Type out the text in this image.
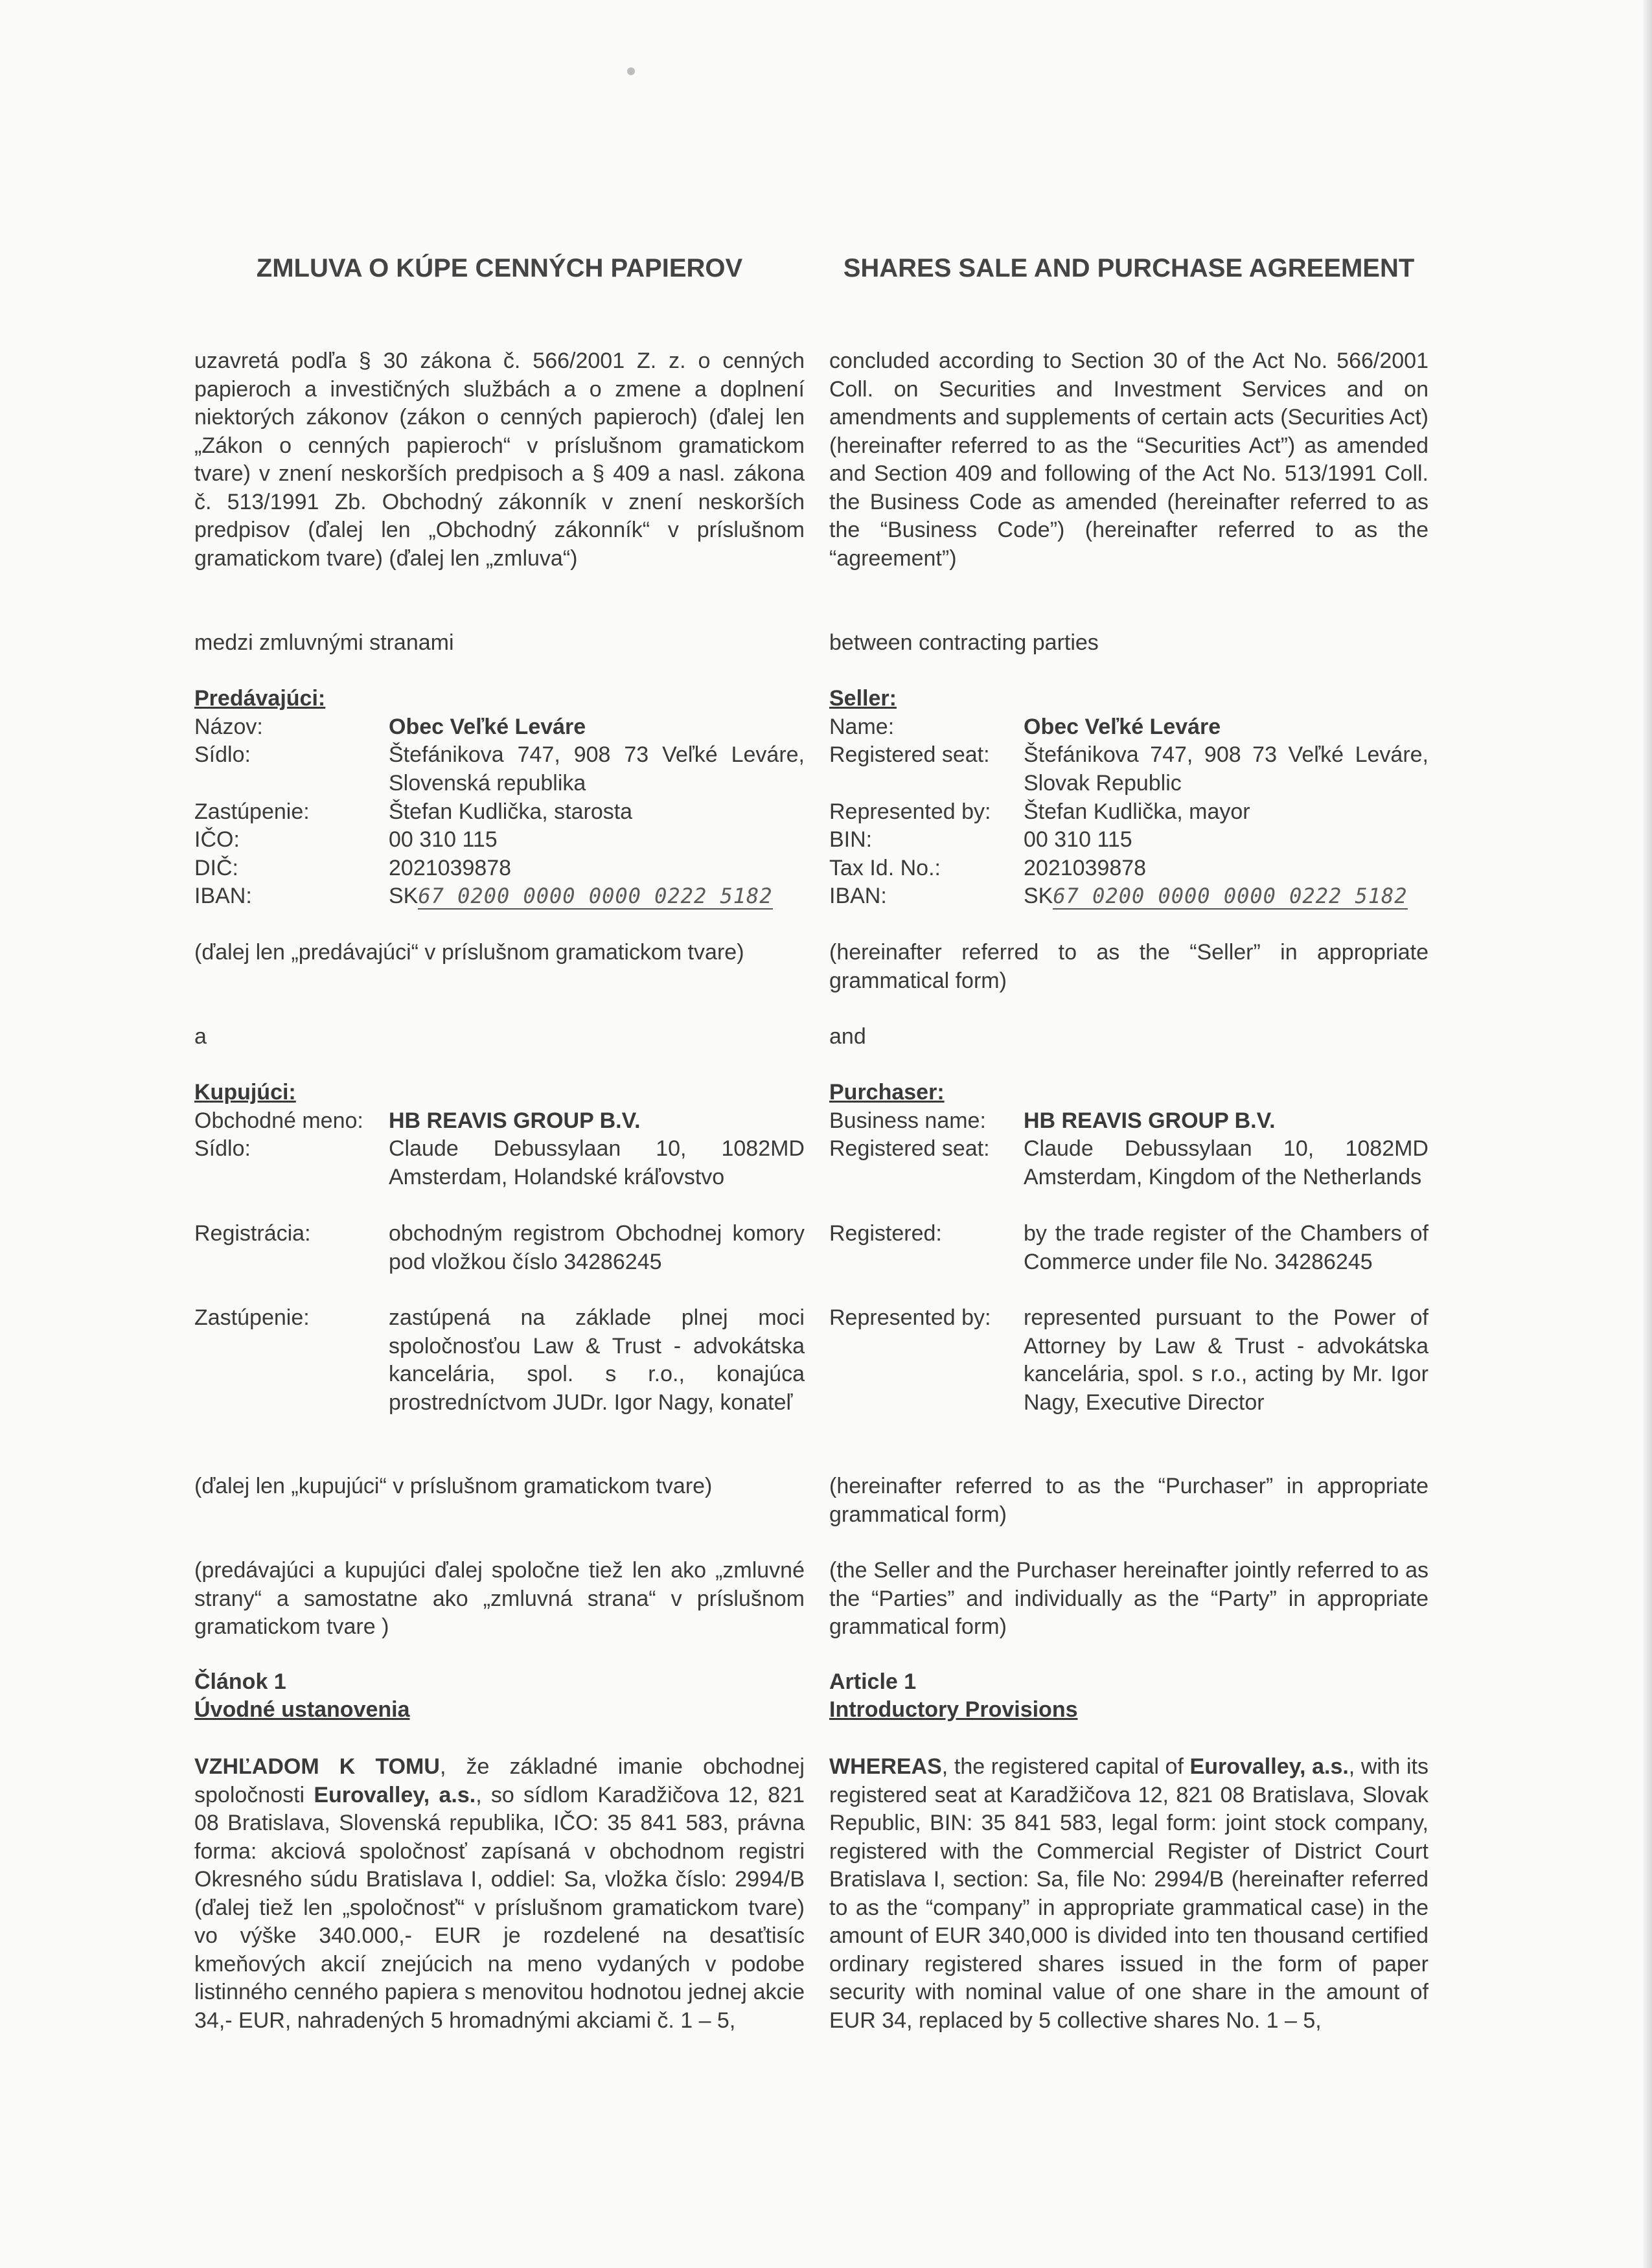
ZMLUVA O KÚPE CENNÝCH PAPIEROV

uzavretá podľa § 30 zákona č. 566/2001 Z. z. o cenných papieroch a investičných službách a o zmene a doplnení niektorých zákonov (zákon o cenných papieroch) (ďalej len „Zákon o cenných papieroch“ v príslušnom gramatickom tvare) v znení neskorších predpisoch a § 409 a nasl. zákona č. 513/1991 Zb. Obchodný zákonník v znení neskorších predpisov (ďalej len „Obchodný zákonník“ v príslušnom gramatickom tvare) (ďalej len „zmluva“)

medzi zmluvnými stranami

Predávajúci:
Názov:	Obec Veľké Leváre
Sídlo:	Štefánikova 747, 908 73 Veľké Leváre, Slovenská republika
Zastúpenie:	Štefan Kudlička, starosta
IČO:	00 310 115
DIČ:	2021039878
IBAN:	SK67 0200 0000 0000 0222 5182

(ďalej len „predávajúci“ v príslušnom gramatickom tvare)

a

Kupujúci:
Obchodné meno: HB REAVIS GROUP B.V.
Sídlo:	Claude Debussylaan 10, 1082MD Amsterdam, Holandské kráľovstvo
Registrácia:	obchodným registrom Obchodnej komory pod vložkou číslo 34286245
Zastúpenie:	zastúpená na základe plnej moci spoločnosťou Law & Trust - advokátska kancelária, spol. s r.o., konajúca prostredníctvom JUDr. Igor Nagy, konateľ

(ďalej len „kupujúci“ v príslušnom gramatickom tvare)

(predávajúci a kupujúci ďalej spoločne tiež len ako „zmluvné strany“ a samostatne ako „zmluvná strana“ v príslušnom gramatickom tvare )

Článok 1
Úvodné ustanovenia

VZHĽADOM K TOMU, že základné imanie obchodnej spoločnosti Eurovalley, a.s., so sídlom Karadžičova 12, 821 08 Bratislava, Slovenská republika, IČO: 35 841 583, právna forma: akciová spoločnosť zapísaná v obchodnom registri Okresného súdu Bratislava I, oddiel: Sa, vložka číslo: 2994/B (ďalej tiež len „spoločnosť“ v príslušnom gramatickom tvare) vo výške 340.000,- EUR je rozdelené na desaťtisíc kmeňových akcií znejúcich na meno vydaných v podobe listinného cenného papiera s menovitou hodnotou jednej akcie 34,- EUR, nahradených 5 hromadnými akciami č. 1 – 5,

SHARES SALE AND PURCHASE AGREEMENT

concluded according to Section 30 of the Act No. 566/2001 Coll. on Securities and Investment Services and on amendments and supplements of certain acts (Securities Act) (hereinafter referred to as the “Securities Act”) as amended and Section 409 and following of the Act No. 513/1991 Coll. the Business Code as amended (hereinafter referred to as the “Business Code”) (hereinafter referred to as the “agreement”)

between contracting parties

Seller:
Name:	Obec Veľké Leváre
Registered seat: Štefánikova 747, 908 73 Veľké Leváre, Slovak Republic
Represented by: Štefan Kudlička, mayor
BIN:	00 310 115
Tax Id. No.:	2021039878
IBAN:	SK67 0200 0000 0000 0222 5182

(hereinafter referred to as the “Seller” in appropriate grammatical form)

and

Purchaser:
Business name: HB REAVIS GROUP B.V.
Registered seat: Claude Debussylaan 10, 1082MD Amsterdam, Kingdom of the Netherlands
Registered:	by the trade register of the Chambers of Commerce under file No. 34286245
Represented by: represented pursuant to the Power of Attorney by Law & Trust - advokátska kancelária, spol. s r.o., acting by Mr. Igor Nagy, Executive Director

(hereinafter referred to as the “Purchaser” in appropriate grammatical form)

(the Seller and the Purchaser hereinafter jointly referred to as the “Parties” and individually as the “Party” in appropriate grammatical form)

Article 1
Introductory Provisions

WHEREAS, the registered capital of Eurovalley, a.s., with its registered seat at Karadžičova 12, 821 08 Bratislava, Slovak Republic, BIN: 35 841 583, legal form: joint stock company, registered with the Commercial Register of District Court Bratislava I, section: Sa, file No: 2994/B (hereinafter referred to as the “company” in appropriate grammatical case) in the amount of EUR 340,000 is divided into ten thousand certified ordinary registered shares issued in the form of paper security with nominal value of one share in the amount of EUR 34, replaced by 5 collective shares No. 1 – 5,
